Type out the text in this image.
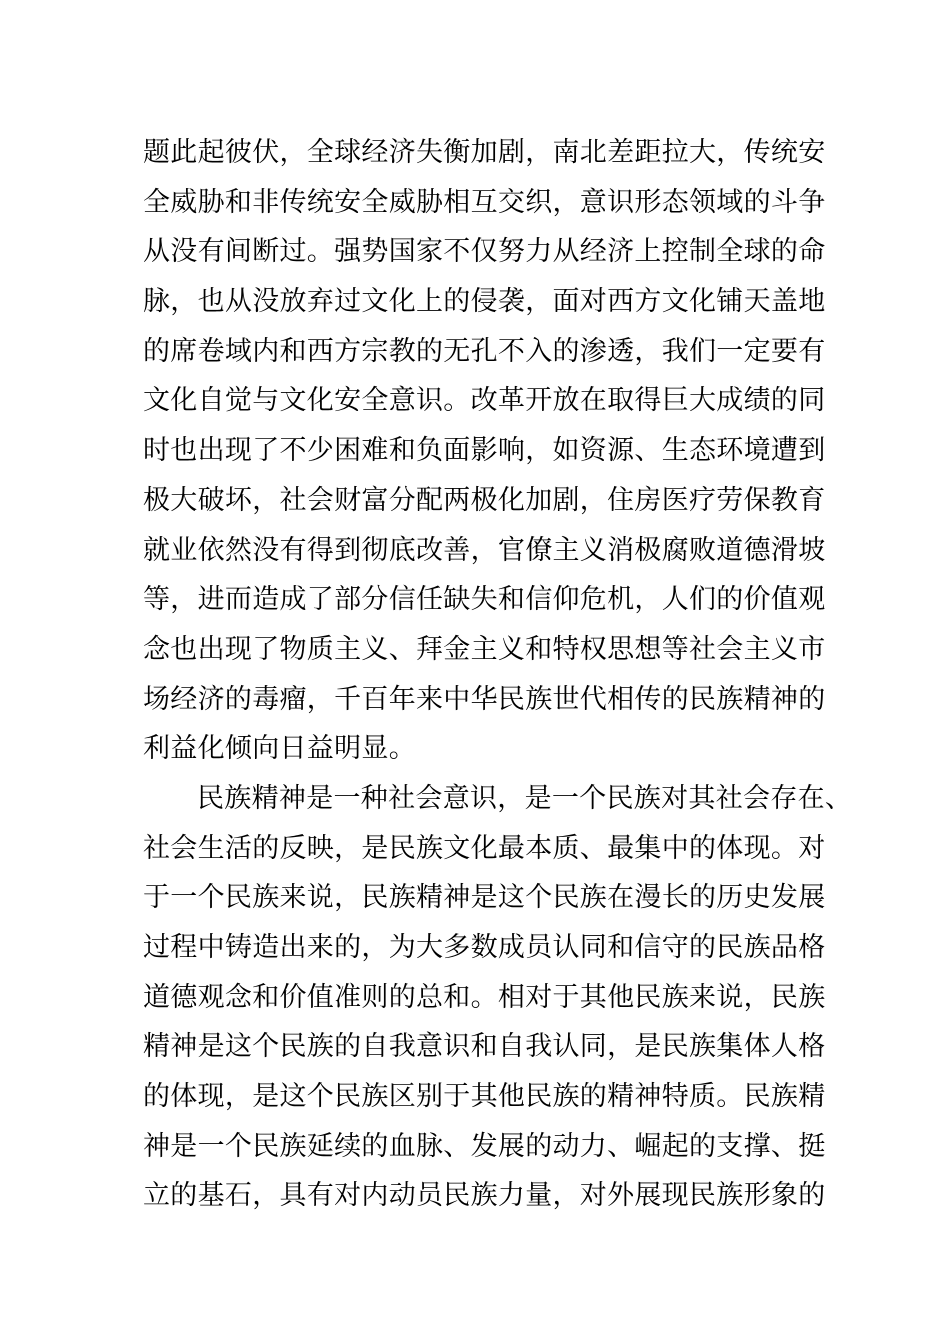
题此起彼伏，全球经济失衡加剧，南北差距拉大，传统安
全威胁和非传统安全威胁相互交织，意识形态领域的斗争
从没有间断过。强势国家不仅努力从经济上控制全球的命
脉，也从没放弃过文化上的侵袭，面对西方文化铺天盖地
的席卷域内和西方宗教的无孔不入的渗透，我们一定要有
文化自觉与文化安全意识。改革开放在取得巨大成绩的同
时也出现了不少困难和负面影响，如资源、生态环境遭到
极大破坏，社会财富分配两极化加剧，住房医疗劳保教育
就业依然没有得到彻底改善，官僚主义消极腐败道德滑坡
等，进而造成了部分信任缺失和信仰危机，人们的价值观
念也出现了物质主义、拜金主义和特权思想等社会主义市
场经济的毒瘤，千百年来中华民族世代相传的民族精神的
利益化倾向日益明显。
民族精神是一种社会意识，是一个民族对其社会存在、
社会生活的反映，是民族文化最本质、最集中的体现。对
于一个民族来说，民族精神是这个民族在漫长的历史发展
过程中铸造出来的，为大多数成员认同和信守的民族品格
道德观念和价值准则的总和。相对于其他民族来说，民族
精神是这个民族的自我意识和自我认同，是民族集体人格
的体现，是这个民族区别于其他民族的精神特质。民族精
神是一个民族延续的血脉、发展的动力、崛起的支撑、挺
立的基石，具有对内动员民族力量，对外展现民族形象的
